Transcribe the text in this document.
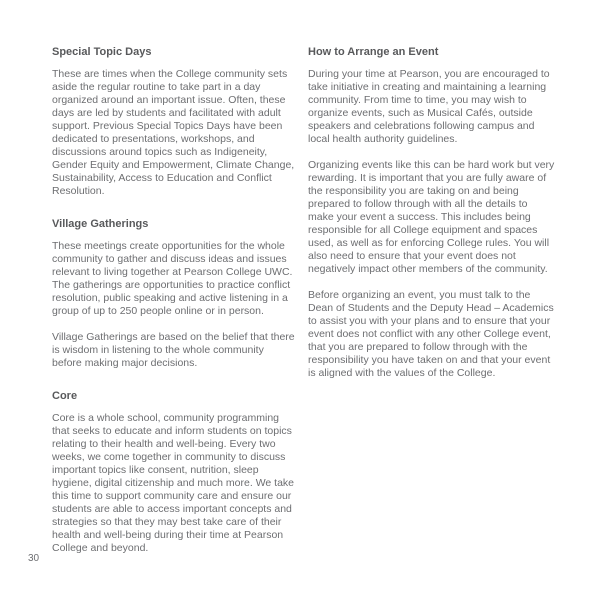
Special Topic Days

These are times when the College community sets aside the regular routine to take part in a day organized around an important issue. Often, these days are led by students and facilitated with adult support. Previous Special Topics Days have been dedicated to presentations, workshops, and discussions around topics such as Indigeneity, Gender Equity and Empowerment, Climate Change, Sustainability, Access to Education and Conflict Resolution.

Village Gatherings

These meetings create opportunities for the whole community to gather and discuss ideas and issues relevant to living together at Pearson College UWC. The gatherings are opportunities to practice conflict resolution, public speaking and active listening in a group of up to 250 people online or in person.

Village Gatherings are based on the belief that there is wisdom in listening to the whole community before making major decisions.

Core

Core is a whole school, community programming that seeks to educate and inform students on topics relating to their health and well-being. Every two weeks, we come together in community to discuss important topics like consent, nutrition, sleep hygiene, digital citizenship and much more. We take this time to support community care and ensure our students are able to access important concepts and strategies so that they may best take care of their health and well-being during their time at Pearson College and beyond.

How to Arrange an Event

During your time at Pearson, you are encouraged to take initiative in creating and maintaining a learning community. From time to time, you may wish to organize events, such as Musical Cafés, outside speakers and celebrations following campus and local health authority guidelines.

Organizing events like this can be hard work but very rewarding. It is important that you are fully aware of the responsibility you are taking on and being prepared to follow through with all the details to make your event a success. This includes being responsible for all College equipment and spaces used, as well as for enforcing College rules. You will also need to ensure that your event does not negatively impact other members of the community.

Before organizing an event, you must talk to the Dean of Students and the Deputy Head – Academics to assist you with your plans and to ensure that your event does not conflict with any other College event, that you are prepared to follow through with the responsibility you have taken on and that your event is aligned with the values of the College.

30
